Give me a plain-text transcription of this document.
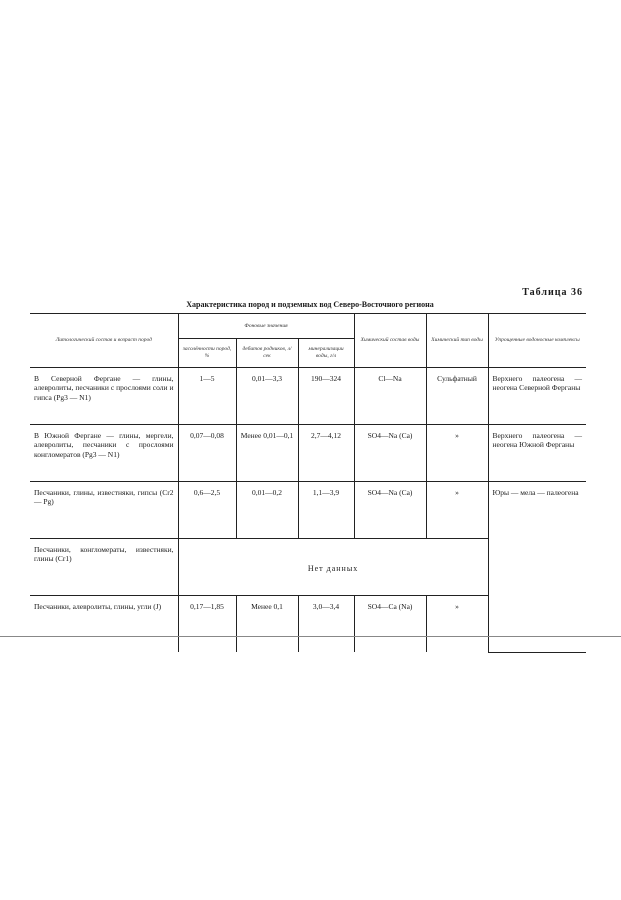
Таблица 36
Характеристика пород и подземных вод Северо-Восточного региона
Литологический состав и возраст пород	Фоновые значения			Химический состав воды	Химический тип воды	Упрощенные водоносные комплексы
	засолённости пород, %	дебитов родников, л/сек	минерализации воды, г/л			
В Северной Фергане — глины, алевролиты, песчаники с прослоями соли и гипса (Pg3 — N1)	1—5	0,01—3,3	190—324	Cl—Na	Сульфатный	Верхнего палеогена — неогена Северной Ферганы
В Южной Фергане — глины, мергели, алевролиты, песчаники с прослоями конгломератов (Pg3 — N1)	0,07—0,08	Менее 0,01—0,1	2,7—4,12	SO4—Na (Ca)	»	Верхнего палеогена — неогена Южной Ферганы
Песчаники, глины, известняки, гипсы (Cr2 — Pg)	0,6—2,5	0,01—0,2	1,1—3,9	SO4—Na (Ca)	»	Юры — мела — палеогена
Песчаники, конгломераты, известняки, глины (Cr1)	Нет данных					
Песчаники, алевролиты, глины, угли (J)	0,17—1,85	Менее 0,1	3,0—3,4	SO4—Ca (Na)	»	
